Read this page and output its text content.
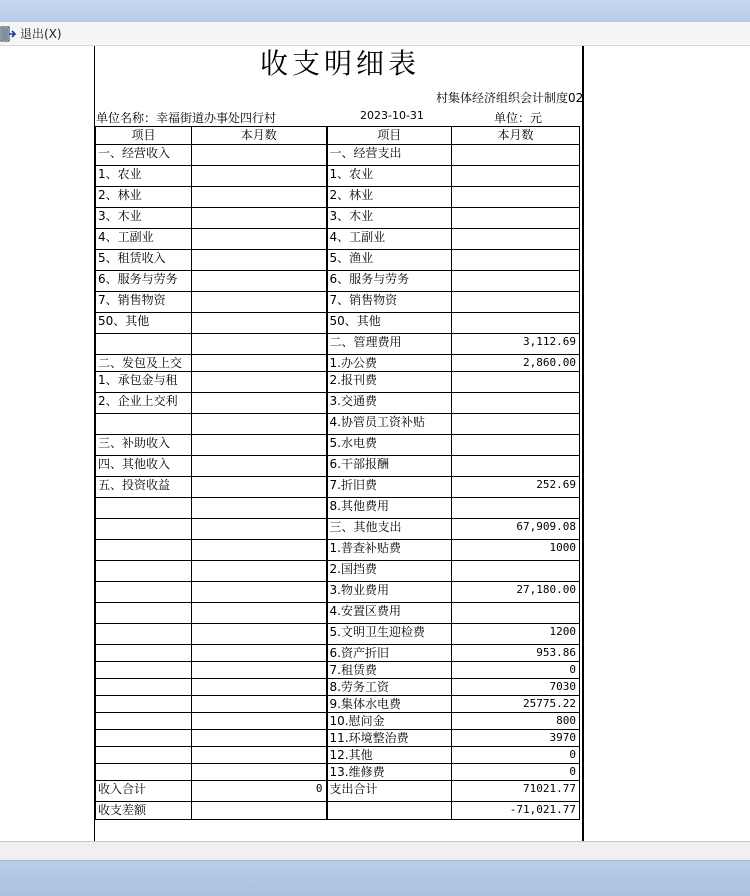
退出(X)
收支明细表
村集体经济组织会计制度02
单位名称：幸福街道办事处四行村	2023-10-31	单位：元
项目	本月数	项目	本月数
一、经营收入		一、经营支出	
1、农业		1、农业	
2、林业		2、林业	
3、木业		3、木业	
4、工副业		4、工副业	
5、租赁收入		5、渔业	
6、服务与劳务		6、服务与劳务	
7、销售物资		7、销售物资	
50、其他		50、其他	
		二、管理费用	3,112.69
二、发包及上交		1.办公费	2,860.00
1、承包金与租		2.报刊费	
2、企业上交利		3.交通费	
		4.协管员工资补贴	
三、补助收入		5.水电费	
四、其他收入		6.干部报酬	
五、投资收益		7.折旧费	252.69
		8.其他费用	
		三、其他支出	67,909.08
		1.普查补贴费	1000
		2.国挡费	
		3.物业费用	27,180.00
		4.安置区费用	
		5.文明卫生迎检费	1200
		6.资产折旧	953.86
		7.租赁费	0
		8.劳务工资	7030
		9.集体水电费	25775.22
		10.慰问金	800
		11.环境整治费	3970
		12.其他	0
		13.维修费	0
收入合计	0	支出合计	71021.77
收支差额			-71,021.77
